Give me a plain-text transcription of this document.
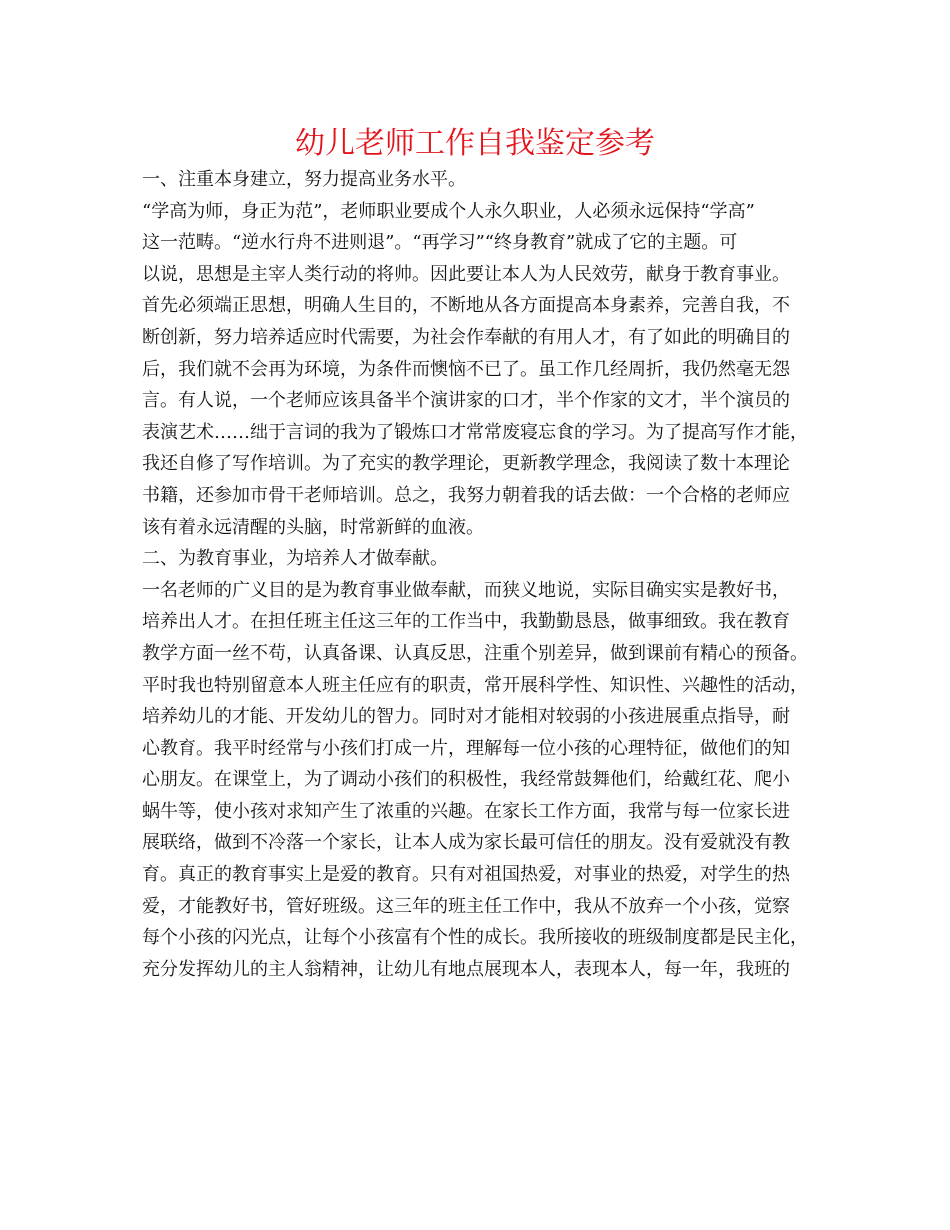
幼儿老师工作自我鉴定参考
一、注重本身建立，努力提高业务水平。
“学高为师，身正为范”，老师职业要成个人永久职业，人必须永远保持“学高”
这一范畴。“逆水行舟不进则退”。“再学习”“终身教育”就成了它的主题。可
以说，思想是主宰人类行动的将帅。因此要让本人为人民效劳，献身于教育事业。
首先必须端正思想，明确人生目的，不断地从各方面提高本身素养，完善自我，不
断创新，努力培养适应时代需要，为社会作奉献的有用人才，有了如此的明确目的
后，我们就不会再为环境，为条件而懊恼不已了。虽工作几经周折，我仍然毫无怨
言。有人说，一个老师应该具备半个演讲家的口才，半个作家的文才，半个演员的
表演艺术……绌于言词的我为了锻炼口才常常废寝忘食的学习。为了提高写作才能，
我还自修了写作培训。为了充实的教学理论，更新教学理念，我阅读了数十本理论
书籍，还参加市骨干老师培训。总之，我努力朝着我的话去做：一个合格的老师应
该有着永远清醒的头脑，时常新鲜的血液。
二、为教育事业，为培养人才做奉献。
一名老师的广义目的是为教育事业做奉献，而狭义地说，实际目确实实是教好书，
培养出人才。在担任班主任这三年的工作当中，我勤勤恳恳，做事细致。我在教育
教学方面一丝不苟，认真备课、认真反思，注重个别差异，做到课前有精心的预备。
平时我也特别留意本人班主任应有的职责，常开展科学性、知识性、兴趣性的活动，
培养幼儿的才能、开发幼儿的智力。同时对才能相对较弱的小孩进展重点指导，耐
心教育。我平时经常与小孩们打成一片，理解每一位小孩的心理特征，做他们的知
心朋友。在课堂上，为了调动小孩们的积极性，我经常鼓舞他们，给戴红花、爬小
蜗牛等，使小孩对求知产生了浓重的兴趣。在家长工作方面，我常与每一位家长进
展联络，做到不冷落一个家长，让本人成为家长最可信任的朋友。没有爱就没有教
育。真正的教育事实上是爱的教育。只有对祖国热爱，对事业的热爱，对学生的热
爱，才能教好书，管好班级。这三年的班主任工作中，我从不放弃一个小孩，觉察
每个小孩的闪光点，让每个小孩富有个性的成长。我所接收的班级制度都是民主化，
充分发挥幼儿的主人翁精神，让幼儿有地点展现本人，表现本人，每一年，我班的
